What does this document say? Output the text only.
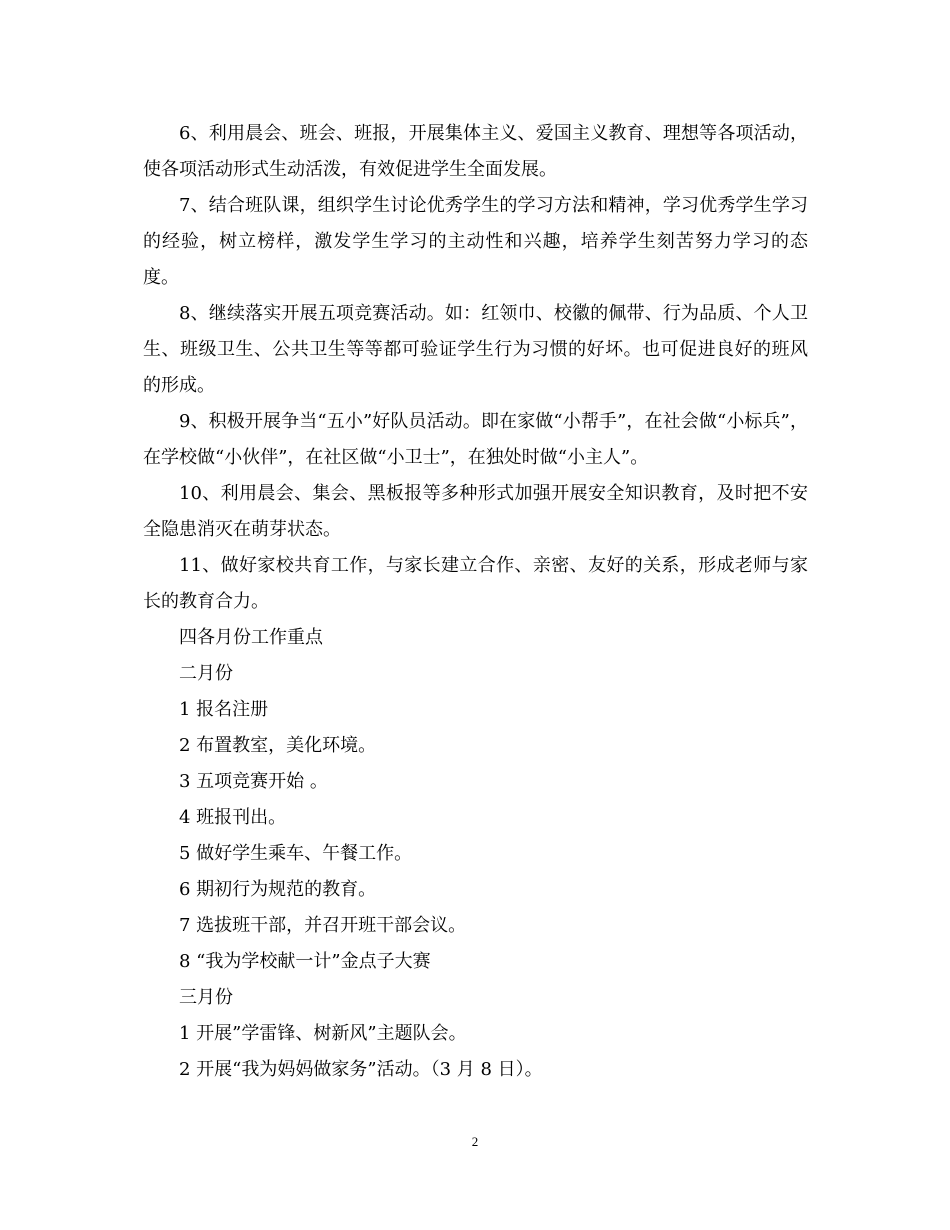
6、利用晨会、班会、班报，开展集体主义、爱国主义教育、理想等各项活动，使各项活动形式生动活泼，有效促进学生全面发展。

7、结合班队课，组织学生讨论优秀学生的学习方法和精神，学习优秀学生学习的经验，树立榜样，激发学生学习的主动性和兴趣，培养学生刻苦努力学习的态度。

8、继续落实开展五项竞赛活动。如：红领巾、校徽的佩带、行为品质、个人卫生、班级卫生、公共卫生等等都可验证学生行为习惯的好坏。也可促进良好的班风的形成。

9、积极开展争当“五小”好队员活动。即在家做“小帮手”，在社会做“小标兵”，在学校做“小伙伴”，在社区做“小卫士”，在独处时做“小主人”。

10、利用晨会、集会、黑板报等多种形式加强开展安全知识教育，及时把不安全隐患消灭在萌芽状态。

11、做好家校共育工作，与家长建立合作、亲密、友好的关系，形成老师与家长的教育合力。

四各月份工作重点

二月份

1 报名注册

2 布置教室，美化环境。

3 五项竞赛开始 。

4 班报刊出。

5 做好学生乘车、午餐工作。

6 期初行为规范的教育。

7 选拔班干部，并召开班干部会议。

8 “我为学校献一计”金点子大赛

三月份

1 开展”学雷锋、树新风”主题队会。

2 开展“我为妈妈做家务”活动。（3 月 8 日）。

2
